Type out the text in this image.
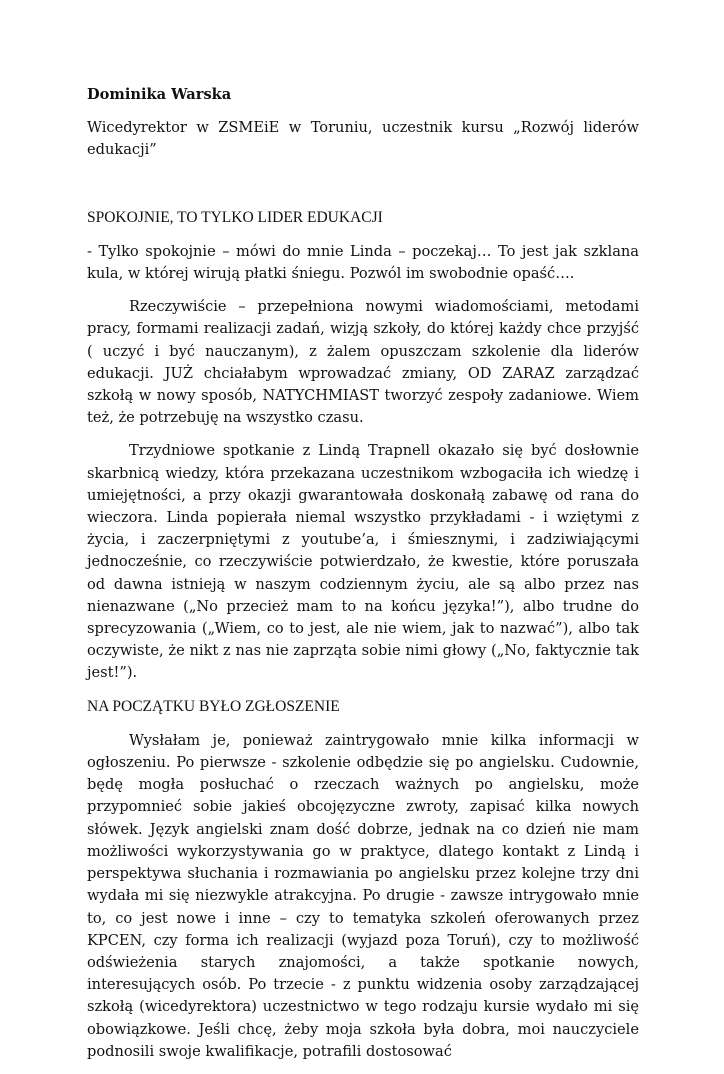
Dominika Warska

Wicedyrektor w ZSMEiE w Toruniu, uczestnik kursu „Rozwój liderów edukacji”

SPOKOJNIE, TO TYLKO LIDER EDUKACJI

- Tylko spokojnie – mówi do mnie Linda – poczekaj… To jest jak szklana kula, w której wirują płatki śniegu. Pozwól im swobodnie opaść….

Rzeczywiście – przepełniona nowymi wiadomościami, metodami pracy, formami realizacji zadań, wizją szkoły, do której każdy chce przyjść ( uczyć i być nauczanym), z żalem opuszczam szkolenie dla liderów edukacji. JUŻ chciałabym wprowadzać zmiany, OD ZARAZ zarządzać szkołą w nowy sposób, NATYCHMIAST tworzyć zespoły zadaniowe. Wiem też, że potrzebuję na wszystko czasu.

Trzydniowe spotkanie z Lindą Trapnell okazało się być dosłownie skarbnicą wiedzy, która przekazana uczestnikom wzbogaciła ich wiedzę i umiejętności, a przy okazji gwarantowała doskonałą zabawę od rana do wieczora. Linda popierała niemal wszystko przykładami - i wziętymi z życia, i zaczerpniętymi z youtube’a, i śmiesznymi, i zadziwiającymi jednocześnie, co rzeczywiście potwierdzało, że kwestie, które poruszała od dawna istnieją w naszym codziennym życiu, ale są albo przez nas nienazwane („No przecież mam to na końcu języka!”), albo trudne do sprecyzowania („Wiem, co to jest, ale nie wiem, jak to nazwać”), albo tak oczywiste, że nikt z nas nie zaprząta sobie nimi głowy („No, faktycznie tak jest!”).

NA POCZĄTKU BYŁO ZGŁOSZENIE

Wysłałam je, ponieważ zaintrygowało mnie kilka informacji w ogłoszeniu. Po pierwsze - szkolenie odbędzie się po angielsku. Cudownie, będę mogła posłuchać o rzeczach ważnych po angielsku, może przypomnieć sobie jakieś obcojęzyczne zwroty, zapisać kilka nowych słówek. Język angielski znam dość dobrze, jednak na co dzień nie mam możliwości wykorzystywania go w praktyce, dlatego kontakt z Lindą i perspektywa słuchania i rozmawiania po angielsku przez kolejne trzy dni wydała mi się niezwykle atrakcyjna. Po drugie - zawsze intrygowało mnie to, co jest nowe i inne – czy to tematyka szkoleń oferowanych przez KPCEN, czy forma ich realizacji (wyjazd poza Toruń), czy to możliwość odświeżenia starych znajomości, a także spotkanie nowych, interesujących osób. Po trzecie - z punktu widzenia osoby zarządzającej szkołą (wicedyrektora) uczestnictwo w tego rodzaju kursie wydało mi się obowiązkowe. Jeśli chcę, żeby moja szkoła była dobra, moi nauczyciele podnosili swoje kwalifikacje, potrafili dostosować
